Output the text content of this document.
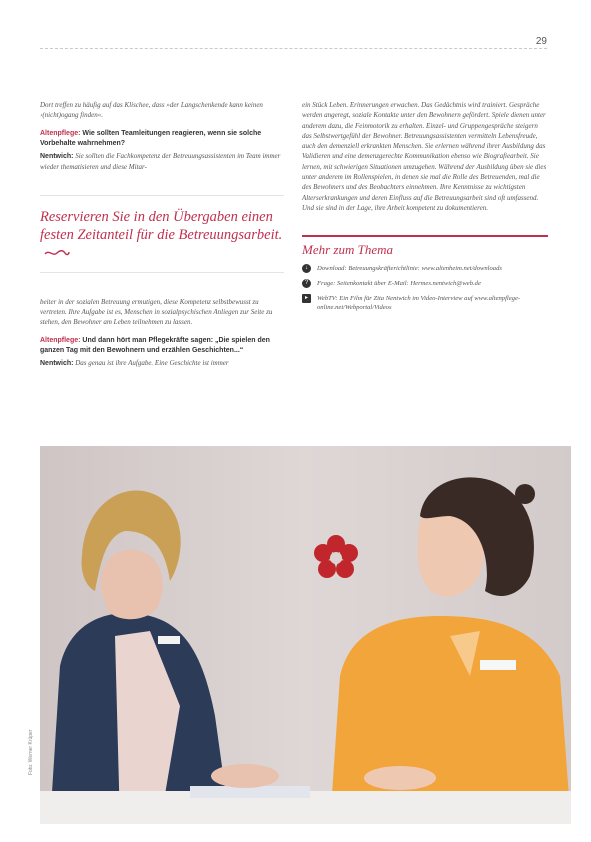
29

Dort treffen zu häufig auf das Klischee, dass »der Langschenkende kann keinen ›(nicht)ogang finden«.

Altenpflege: Wie sollten Teamleitungen reagieren, wenn sie solche Vorbehalte wahrnehmen?

Nentwich: Sie sollten die Fachkompetenz der Betreuungsassistenten im Team immer wieder thematisieren und diese Mitar-

Reservieren Sie in den Übergaben einen festen Zeitanteil für die Betreuungsarbeit.

beiter in der sozialen Betreuung ermutigen, diese Kompetenz selbstbewusst zu vertreten. Ihre Aufgabe ist es, Menschen in sozialpsychischen Anliegen zur Seite zu stehen, den Bewohner am Leben teilnehmen zu lassen.

Altenpflege: Und dann hört man Pflegekräfte sagen: „Die spielen den ganzen Tag mit den Bewohnern und erzählen Geschichten...“

Nentwich: Das genau ist ihre Aufgabe. Eine Geschichte ist immer

ein Stück Leben. Erinnerungen erwachen. Das Gedächtnis wird trainiert. Gespräche werden angeregt, soziale Kontakte unter den Bewohnern gefördert. Spiele dienen unter anderem dazu, die Feinmotorik zu erhalten. Einzel- und Gruppengespräche steigern das Selbstwertgefühl der Bewohner. Betreuungsassistenten vermitteln Lebensfreude, auch den demenziell erkrankten Menschen. Sie erlernen während ihrer Ausbildung das Validieren und eine demenzgerechte Kommunikation ebenso wie Biografiearbeit. Sie lernen, mit schwierigen Situationen umzugehen. Während der Ausbildung üben sie dies unter anderem im Rollenspielen, in denen sie mal die Rolle des Betreuenden, mal die des Bewohners und des Beobachters einnehmen. Ihre Kenntnisse zu wichtigsten Alterserkrankungen und deren Einfluss auf die Betreuungsarbeit sind oft umfassend. Und sie sind in der Lage, ihre Arbeit kompetent zu dokumentieren.

Mehr zum Thema
↓	Download: Betreuungskräfterichtlinie: www.altenheim.net/downloads
?	Frage: Seitenkontakt über E-Mail: Hermes.nentwich@web.de
▸	WebTV: Ein Film für Zita Nentwich im Video-Interview auf www.altenpflege-online.net/Webportal/Videos
Foto: Werner Krüper
